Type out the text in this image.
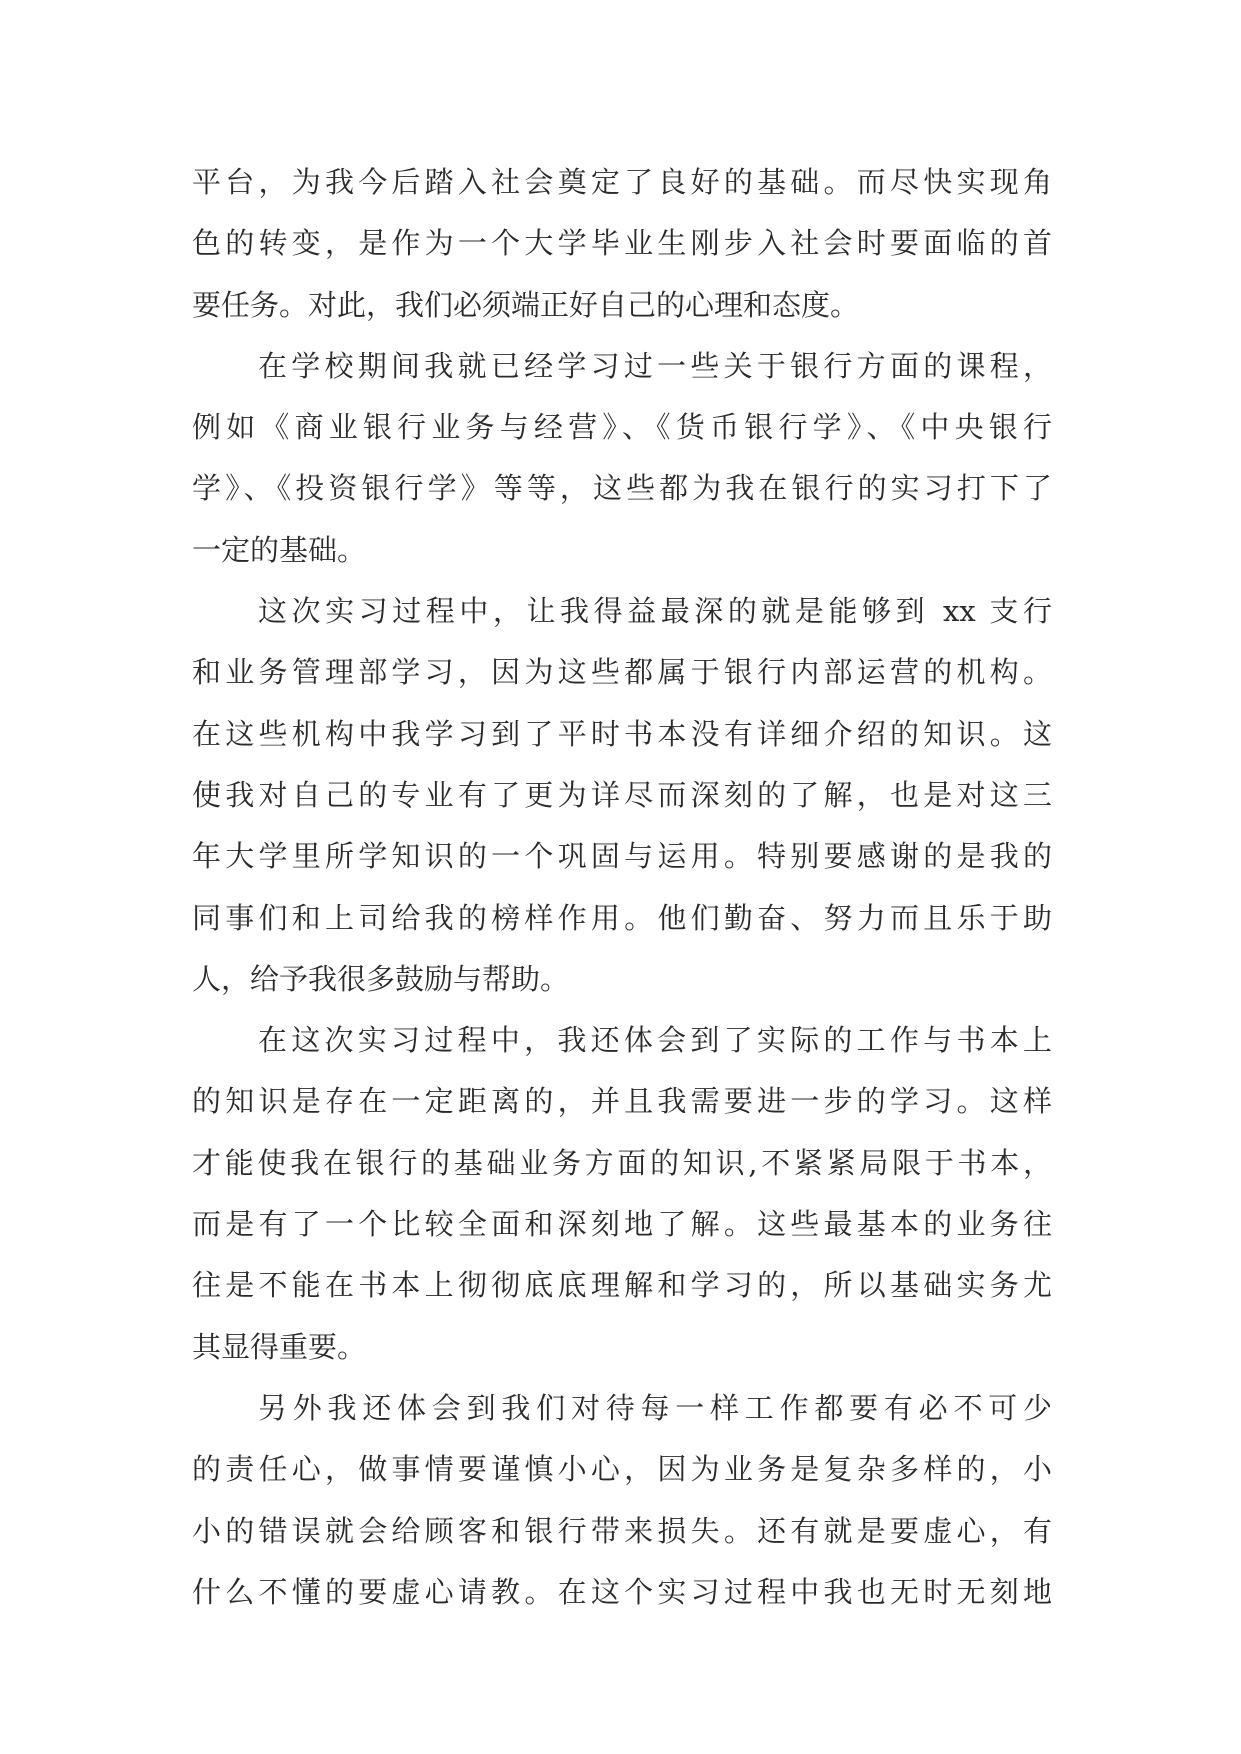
平台，为我今后踏入社会奠定了良好的基础。而尽快实现角
色的转变，是作为一个大学毕业生刚步入社会时要面临的首
要任务。对此，我们必须端正好自己的心理和态度。
在学校期间我就已经学习过一些关于银行方面的课程，
例如《商业银行业务与经营》、《货币银行学》、《中央银行
学》、《投资银行学》等等，这些都为我在银行的实习打下了
一定的基础。
这次实习过程中，让我得益最深的就是能够到 xx 支行
和业务管理部学习，因为这些都属于银行内部运营的机构。
在这些机构中我学习到了平时书本没有详细介绍的知识。这
使我对自己的专业有了更为详尽而深刻的了解，也是对这三
年大学里所学知识的一个巩固与运用。特别要感谢的是我的
同事们和上司给我的榜样作用。他们勤奋、努力而且乐于助
人，给予我很多鼓励与帮助。
在这次实习过程中，我还体会到了实际的工作与书本上
的知识是存在一定距离的，并且我需要进一步的学习。这样
才能使我在银行的基础业务方面的知识,不紧紧局限于书本，
而是有了一个比较全面和深刻地了解。这些最基本的业务往
往是不能在书本上彻彻底底理解和学习的，所以基础实务尤
其显得重要。
另外我还体会到我们对待每一样工作都要有必不可少
的责任心，做事情要谨慎小心，因为业务是复杂多样的，小
小的错误就会给顾客和银行带来损失。还有就是要虚心，有
什么不懂的要虚心请教。在这个实习过程中我也无时无刻地
